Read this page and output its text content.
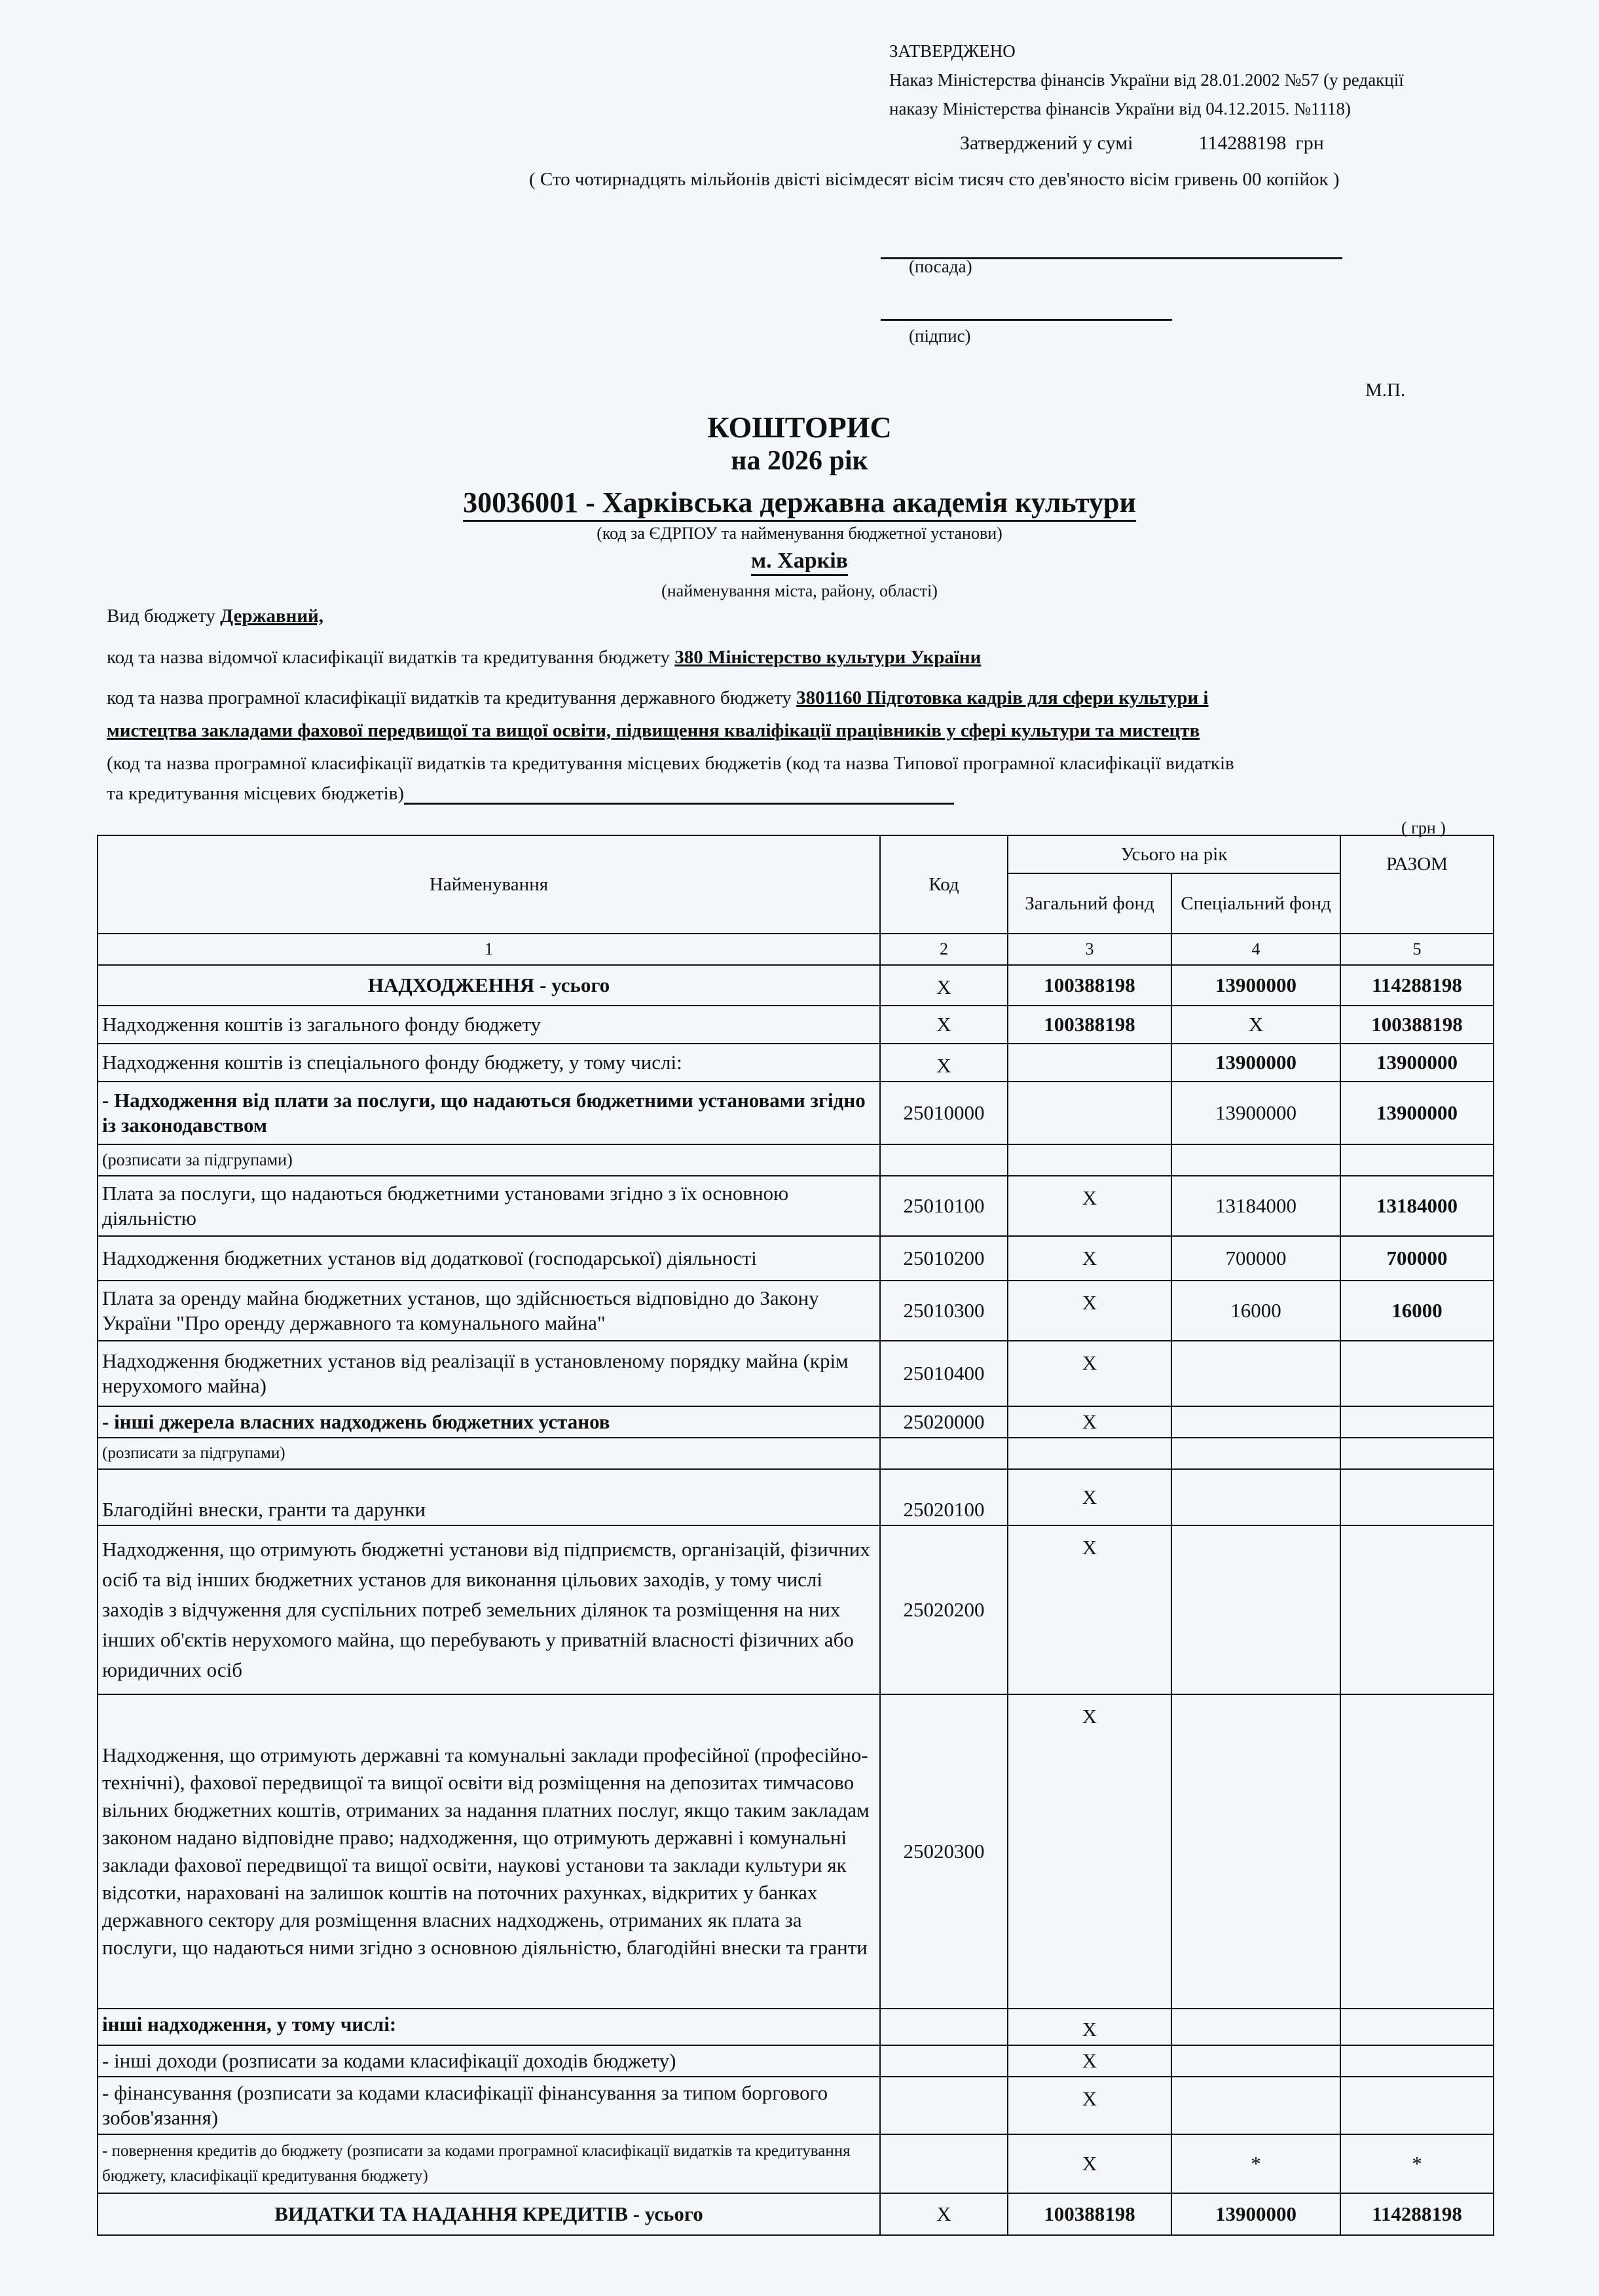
ЗАТВЕРДЖЕНО
Наказ Міністерства фінансів України від 28.01.2002 №57 (у редакції
наказу Міністерства фінансів України від 04.12.2015. №1118)
Затверджений у сумі	114288198 грн
( Сто чотирнадцять мільйонів двісті вісімдесят вісім тисяч сто дев'яносто вісім гривень 00 копійок )
(посада)
(підпис)
М.П.
КОШТОРИС
на 2026 рік
30036001 - Харківська державна академія культури
(код за ЄДРПОУ та найменування бюджетної установи)
м. Харків
(найменування міста, району, області)
Вид бюджету Державний,
код та назва відомчої класифікації видатків та кредитування бюджету 380 Міністерство культури України
код та назва програмної класифікації видатків та кредитування державного бюджету 3801160 Підготовка кадрів для сфери культури і
мистецтва закладами фахової передвищої та вищої освіти, підвищення кваліфікації працівників у сфері культури та мистецтв
(код та назва програмної класифікації видатків та кредитування місцевих бюджетів (код та назва Типової програмної класифікації видатків
та кредитування місцевих бюджетів)
( грн )
Найменування	Код	Усього на рік		РАЗОМ
		Загальний фонд	Спеціальний фонд	
1	2	3	4	5
НАДХОДЖЕННЯ - усього	X	100388198	13900000	114288198
Надходження коштів із загального фонду бюджету	X	100388198	X	100388198
Надходження коштів із спеціального фонду бюджету, у тому числі:	X		13900000	13900000
- Надходження від плати за послуги, що надаються бюджетними установами згідно із законодавством	25010000		13900000	13900000
(розписати за підгрупами)				
Плата за послуги, що надаються бюджетними установами згідно з їх основною діяльністю	25010100	X	13184000	13184000
Надходження бюджетних установ від додаткової (господарської) діяльності	25010200	X	700000	700000
Плата за оренду майна бюджетних установ, що здійснюється відповідно до Закону України "Про оренду державного та комунального майна"	25010300	X	16000	16000
Надходження бюджетних установ від реалізації в установленому порядку майна (крім нерухомого майна)	25010400	X		
- інші джерела власних надходжень бюджетних установ	25020000	X		
(розписати за підгрупами)				
Благодійні внески, гранти та дарунки	25020100	X		
Надходження, що отримують бюджетні установи від підприємств, організацій, фізичних осіб та від інших бюджетних установ для виконання цільових заходів, у тому числі заходів з відчуження для суспільних потреб земельних ділянок та розміщення на них інших об'єктів нерухомого майна, що перебувають у приватній власності фізичних або юридичних осіб	25020200	X		
Надходження, що отримують державні та комунальні заклади професійної (професійно-технічні), фахової передвищої та вищої освіти від розміщення на депозитах тимчасово вільних бюджетних коштів, отриманих за надання платних послуг, якщо таким закладам законом надано відповідне право; надходження, що отримують державні і комунальні заклади фахової передвищої та вищої освіти, наукові установи та заклади культури як відсотки, нараховані на залишок коштів на поточних рахунках, відкритих у банках державного сектору для розміщення власних надходжень, отриманих як плата за послуги, що надаються ними згідно з основною діяльністю, благодійні внески та гранти	25020300	X		
інші надходження, у тому числі:		X		
- інші доходи (розписати за кодами класифікації доходів бюджету)		X		
- фінансування (розписати за кодами класифікації фінансування за типом боргового зобов'язання)		X		
- повернення кредитів до бюджету (розписати за кодами програмної класифікації видатків та кредитування бюджету, класифікації кредитування бюджету)		X	*	*
ВИДАТКИ ТА НАДАННЯ КРЕДИТІВ - усього	X	100388198	13900000	114288198
